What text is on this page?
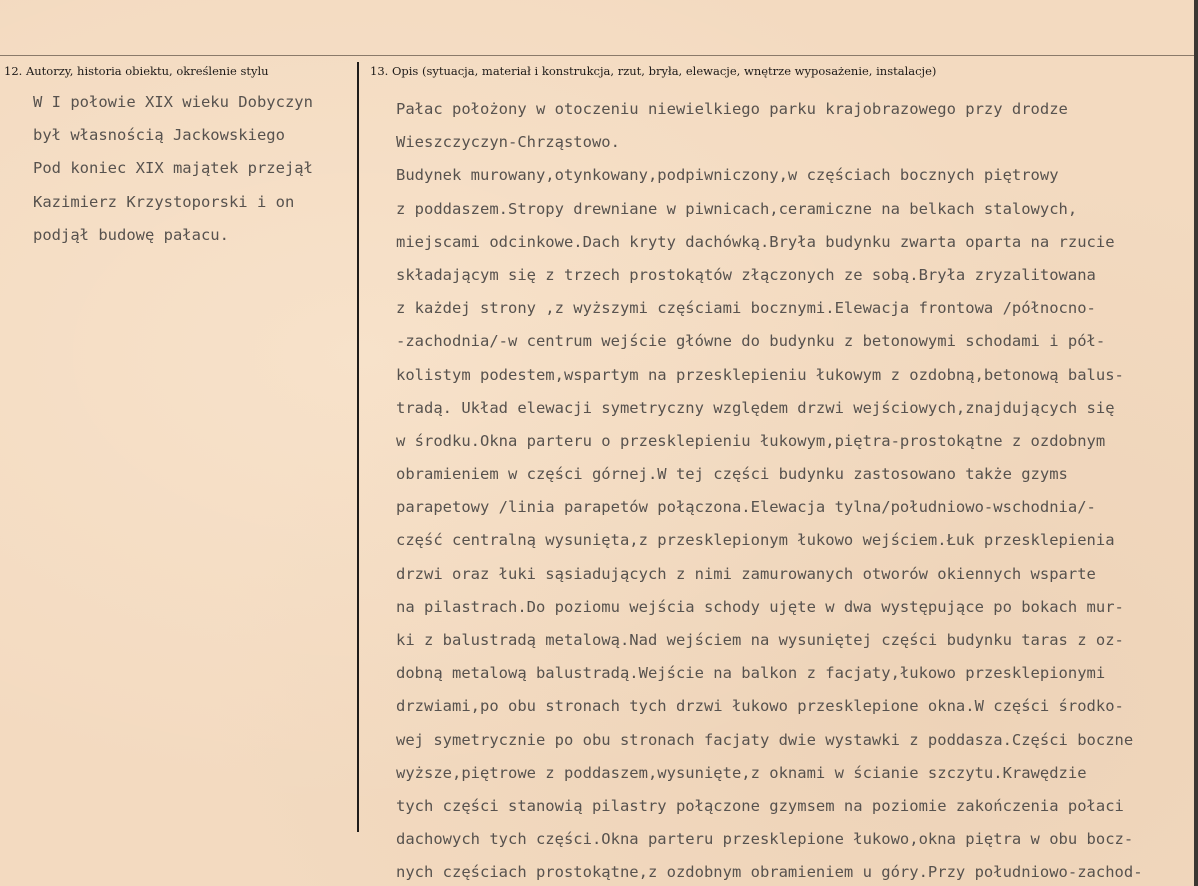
12. Autorzy, historia obiektu, określenie stylu	13. Opis (sytuacja, materiał i konstrukcja, rzut, bryła, elewacje, wnętrze wyposażenie, instalacje)
W I połowie XIX wieku Dobyczyn
był własnością Jackowskiego
Pod koniec XIX majątek przejął
Kazimierz Krzystoporski i on
podjął budowę pałacu.
Pałac położony w otoczeniu niewielkiego parku krajobrazowego przy drodze
Wieszczyczyn-Chrząstowo.
Budynek murowany,otynkowany,podpiwniczony,w częściach bocznych piętrowy
z poddaszem.Stropy drewniane w piwnicach,ceramiczne na belkach stalowych,
miejscami odcinkowe.Dach kryty dachówką.Bryła budynku zwarta oparta na rzucie
składającym się z trzech prostokątów złączonych ze sobą.Bryła zryzalitowana
z każdej strony ,z wyższymi częściami bocznymi.Elewacja frontowa /północno-
-zachodnia/-w centrum wejście główne do budynku z betonowymi schodami i pół-
kolistym podestem,wspartym na przesklepieniu łukowym z ozdobną,betonową balus-
tradą. Układ elewacji symetryczny względem drzwi wejściowych,znajdujących się
w środku.Okna parteru o przesklepieniu łukowym,piętra-prostokątne z ozdobnym
obramieniem w części górnej.W tej części budynku zastosowano także gzyms
parapetowy /linia parapetów połączona.Elewacja tylna/południowo-wschodnia/-
część centralną wysunięta,z przesklepionym łukowo wejściem.Łuk przesklepienia
drzwi oraz łuki sąsiadujących z nimi zamurowanych otworów okiennych wsparte
na pilastrach.Do poziomu wejścia schody ujęte w dwa występujące po bokach mur-
ki z balustradą metalową.Nad wejściem na wysuniętej części budynku taras z oz-
dobną metalową balustradą.Wejście na balkon z facjaty,łukowo przesklepionymi
drzwiami,po obu stronach tych drzwi łukowo przesklepione okna.W części środko-
wej symetrycznie po obu stronach facjaty dwie wystawki z poddasza.Części boczne
wyższe,piętrowe z poddaszem,wysunięte,z oknami w ścianie szczytu.Krawędzie
tych części stanowią pilastry połączone gzymsem na poziomie zakończenia połaci
dachowych tych części.Okna parteru przesklepione łukowo,okna piętra w obu bocz-
nych częściach prostokątne,z ozdobnym obramieniem u góry.Przy południowo-zachod-
